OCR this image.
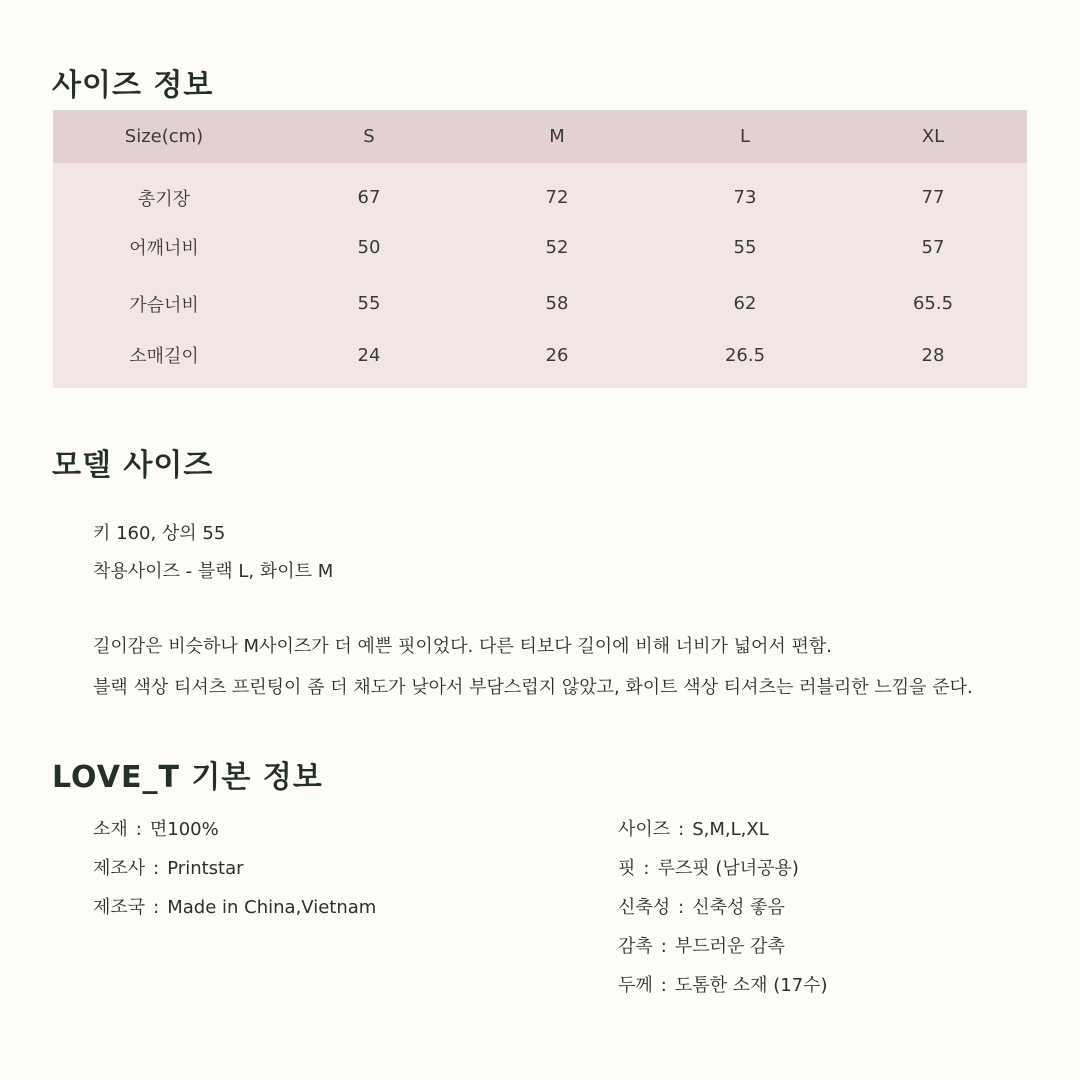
사이즈 정보
Size(cm)	S	M	L	XL
총기장	67	72	73	77
어깨너비	50	52	55	57
가슴너비	55	58	62	65.5
소매길이	24	26	26.5	28
모델 사이즈

키 160, 상의 55

착용사이즈 - 블랙 L, 화이트 M

길이감은 비슷하나 M사이즈가 더 예쁜 핏이었다. 다른 티보다 길이에 비해 너비가 넓어서 편함.

블랙 색상 티셔츠 프린팅이 좀 더 채도가 낮아서 부담스럽지 않았고, 화이트 색상 티셔츠는 러블리한 느낌을 준다.

LOVE_T 기본 정보
소재 : 면100%
제조사 : Printstar
제조국 : Made in China,Vietnam
사이즈 : S,M,L,XL
핏 : 루즈핏 (남녀공용)
신축성 : 신축성 좋음
감촉 : 부드러운 감촉
두께 : 도톰한 소재 (17수)
